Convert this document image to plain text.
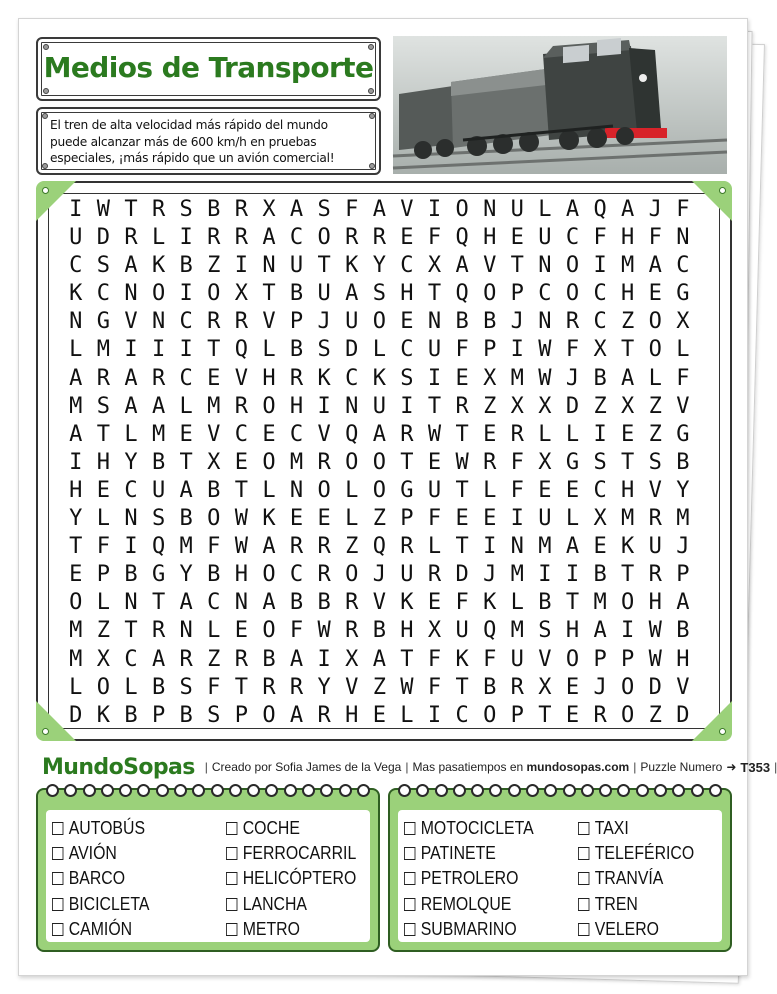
Medios de Transporte
El tren de alta velocidad más rápido del mundo
puede alcanzar más de 600 km/h en pruebas
especiales, ¡más rápido que un avión comercial!
I W T R S B R X A S F A V I O N U L A Q A J F
U D R L I R R A C O R R E F Q H E U C F H F N
C S A K B Z I N U T K Y C X A V T N O I M A C
K C N O I O X T B U A S H T Q O P C O C H E G
N G V N C R R V P J U O E N B B J N R C Z O X
L M I I I T Q L B S D L C U F P I W F X T O L
A R A R C E V H R K C K S I E X M W J B A L F
M S A A L M R O H I N U I T R Z X X D Z X Z V
A T L M E V C E C V Q A R W T E R L L I E Z G
I H Y B T X E O M R O O T E W R F X G S T S B
H E C U A B T L N O L O G U T L F E E C H V Y
Y L N S B O W K E E L Z P F E E I U L X M R M
T F I Q M F W A R R Z Q R L T I N M A E K U J
E P B G Y B H O C R O J U R D J M I I B T R P
O L N T A C N A B B R V K E F K L B T M O H A
M Z T R N L E O F W R B H X U Q M S H A I W B
M X C A R Z R B A I X A T F K F U V O P P W H
L O L B S F T R R Y V Z W F T B R X E J O D V
D K B P B S P O A R H E L I C O P T E R O Z D
MundoSopas | Creado por Sofia James de la Vega | Mas pasatiempos en
mundosopas.com | Puzzle Numero ➜ T353 |
AUTOBÚS
AVIÓN
BARCO
BICICLETA
CAMIÓN
COCHE
FERROCARRIL
HELICÓPTERO
LANCHA
METRO
MOTOCICLETA
PATINETE
PETROLERO
REMOLQUE
SUBMARINO
TAXI
TELEFÉRICO
TRANVÍA
TREN
VELERO
